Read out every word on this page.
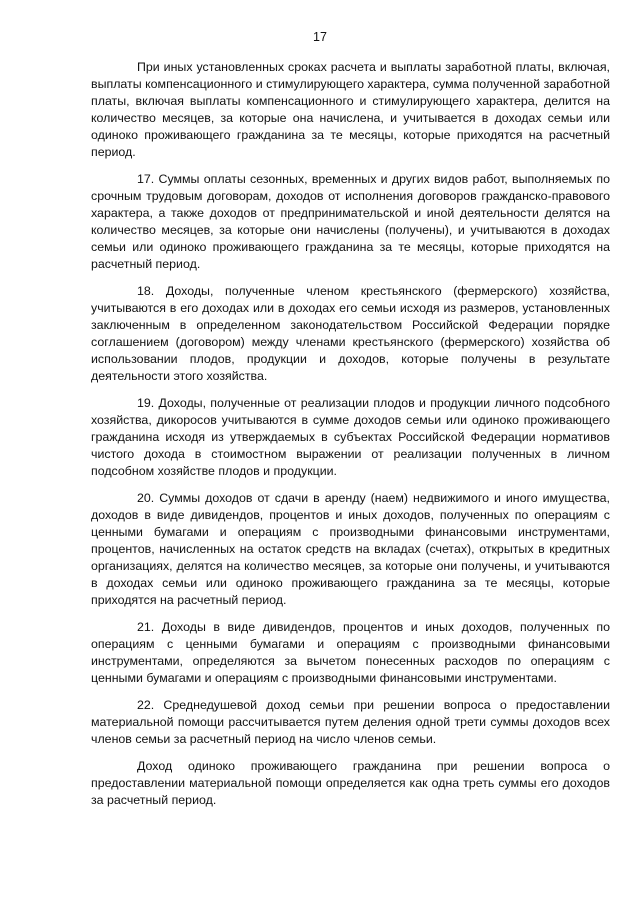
17

При иных установленных сроках расчета и выплаты заработной платы, включая, выплаты компенсационного и стимулирующего характера, сумма полученной заработной платы, включая выплаты компенсационного и стимулирующего характера, делится на количество месяцев, за которые она начислена, и учитывается в доходах семьи или одиноко проживающего гражданина за те месяцы, которые приходятся на расчетный период.

17. Суммы оплаты сезонных, временных и других видов работ, выполняемых по срочным трудовым договорам, доходов от исполнения договоров гражданско-правового характера, а также доходов от предпринимательской и иной деятельности делятся на количество месяцев, за которые они начислены (получены), и учитываются в доходах семьи или одиноко проживающего гражданина за те месяцы, которые приходятся на расчетный период.

18. Доходы, полученные членом крестьянского (фермерского) хозяйства, учитываются в его доходах или в доходах его семьи исходя из размеров, установленных заключенным в определенном законодательством Российской Федерации порядке соглашением (договором) между членами крестьянского (фермерского) хозяйства об использовании плодов, продукции и доходов, которые получены в результате деятельности этого хозяйства.

19. Доходы, полученные от реализации плодов и продукции личного подсобного хозяйства, дикоросов учитываются в сумме доходов семьи или одиноко проживающего гражданина исходя из утверждаемых в субъектах Российской Федерации нормативов чистого дохода в стоимостном выражении от реализации полученных в личном подсобном хозяйстве плодов и продукции.

20. Суммы доходов от сдачи в аренду (наем) недвижимого и иного имущества, доходов в виде дивидендов, процентов и иных доходов, полученных по операциям с ценными бумагами и операциям с производными финансовыми инструментами, процентов, начисленных на остаток средств на вкладах (счетах), открытых в кредитных организациях, делятся на количество месяцев, за которые они получены, и учитываются в доходах семьи или одиноко проживающего гражданина за те месяцы, которые приходятся на расчетный период.

21. Доходы в виде дивидендов, процентов и иных доходов, полученных по операциям с ценными бумагами и операциям с производными финансовыми инструментами, определяются за вычетом понесенных расходов по операциям с ценными бумагами и операциям с производными финансовыми инструментами.

22. Среднедушевой доход семьи при решении вопроса о предоставлении материальной помощи рассчитывается путем деления одной трети суммы доходов всех членов семьи за расчетный период на число членов семьи.

Доход одиноко проживающего гражданина при решении вопроса о предоставлении материальной помощи определяется как одна треть суммы его доходов за расчетный период.
